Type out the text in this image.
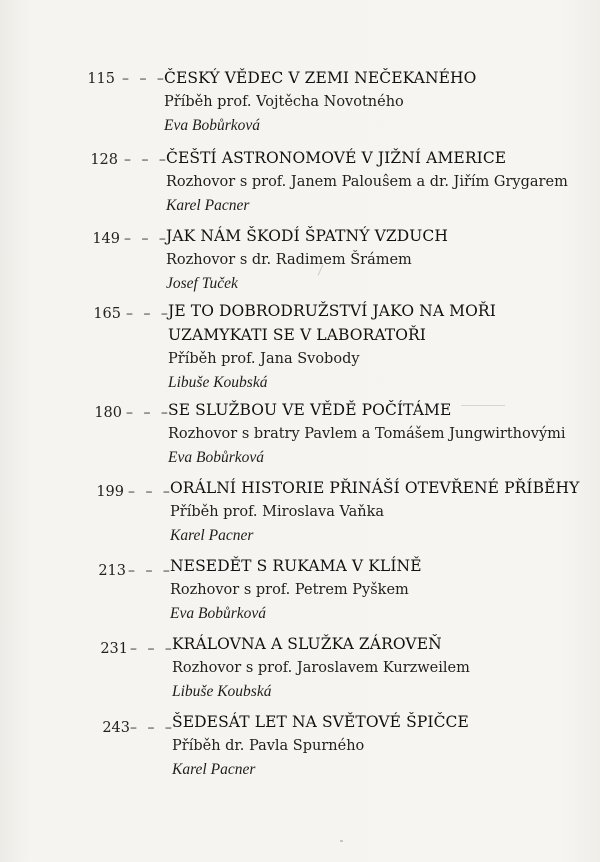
115 – – –
ČESKÝ VĚDEC V ZEMI NEČEKANÉHO
Příběh prof. Vojtěcha Novotného
Eva Bobůrková
128 – – –
ČEŠTÍ ASTRONOMOVÉ V JIŽNÍ AMERICE
Rozhovor s prof. Janem Palouŝem a dr. Jiřím Grygarem
Karel Pacner
149 – – –
JAK NÁM ŠKODÍ ŠPATNÝ VZDUCH
Rozhovor s dr. Radimem Šrámem
Josef Tuček
165 – – –
JE TO DOBRODRUŽSTVÍ JAKO NA MOŘI
UZAMYKATI SE V LABORATOŘI
Příběh prof. Jana Svobody
Libuše Koubská
180 – – –
SE SLUŽBOU VE VĚDĚ POČÍTÁME
Rozhovor s bratry Pavlem a Tomášem Jungwirthovými
Eva Bobůrková
199 – – –
ORÁLNÍ HISTORIE PŘINÁŠÍ OTEVŘENÉ PŘÍBĚHY
Příběh prof. Miroslava Vaňka
Karel Pacner
213 – – –
NESEDĚT S RUKAMA V KLÍNĚ
Rozhovor s prof. Petrem Pyškem
Eva Bobůrková
231 – – –
KRÁLOVNA A SLUŽKA ZÁROVEŇ
Rozhovor s prof. Jaroslavem Kurzweilem
Libuše Koubská
243 – – –
ŠEDESÁT LET NA SVĚTOVÉ ŠPIČCE
Příběh dr. Pavla Spurného
Karel Pacner
